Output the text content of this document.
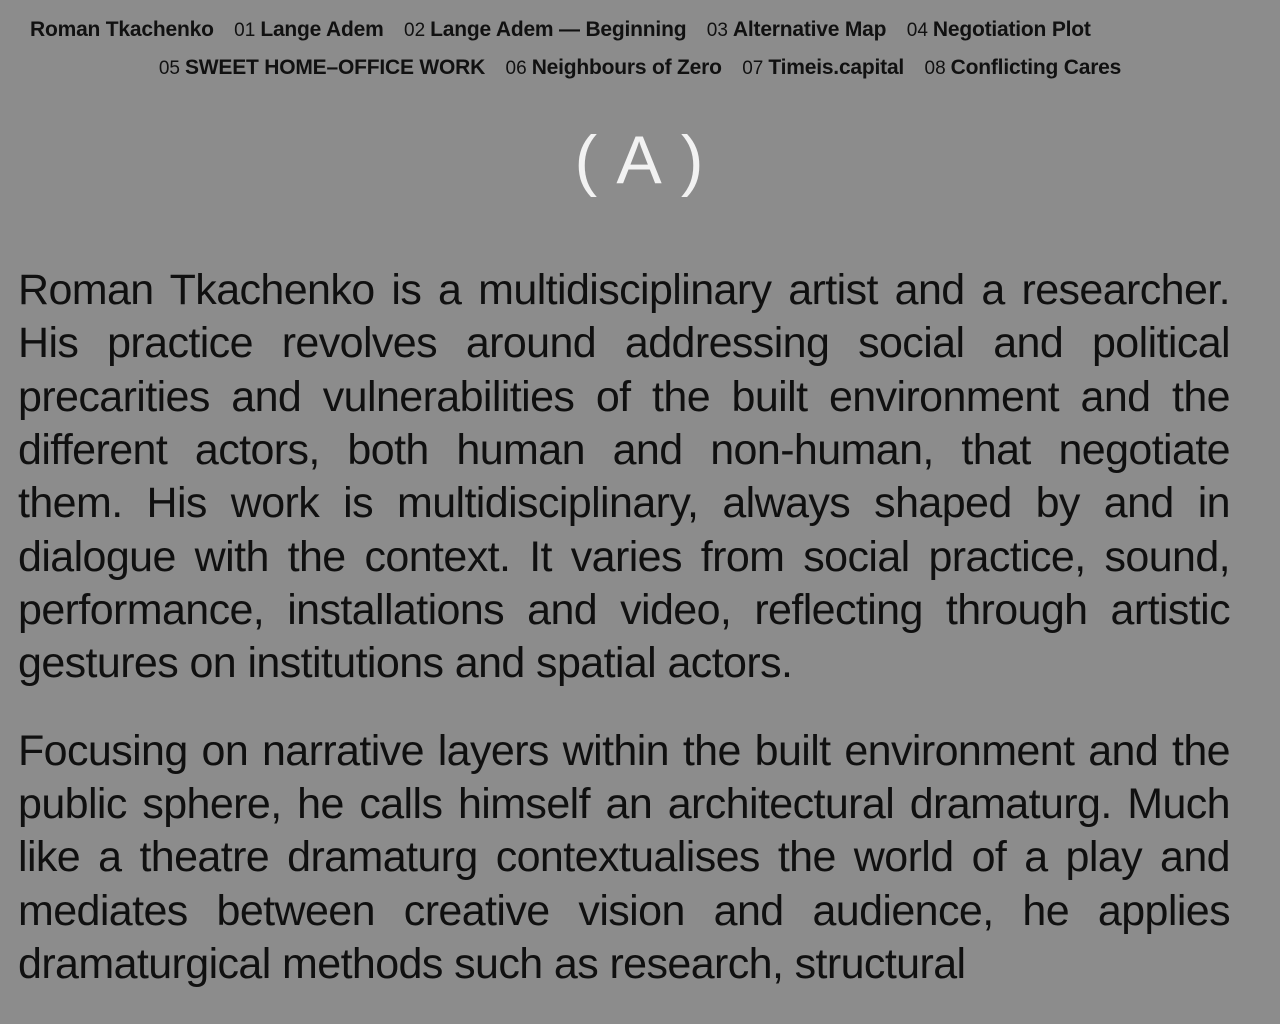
Roman Tkachenko 01 Lange Adem 02 Lange Adem — Beginning 03 Alternative Map 04 Negotiation Plot
05 SWEET HOME–OFFICE WORK 06 Neighbours of Zero 07 Timeis.capital 08 Conflicting Cares
( A )

Roman Tkachenko is a multidisciplinary artist and a researcher. His practice revolves around addressing social and political precarities and vulnerabilities of the built environment and the different actors, both human and non-human, that negotiate them. His work is multidisciplinary, always shaped by and in dialogue with the context. It varies from social practice, sound, performance, installations and video, reflecting through artistic gestures on institutions and spatial actors.

Focusing on narrative layers within the built environment and the public sphere, he calls himself an architectural dramaturg. Much like a theatre dramaturg contextualises the world of a play and mediates between creative vision and audience, he applies dramaturgical methods such as research, structural
